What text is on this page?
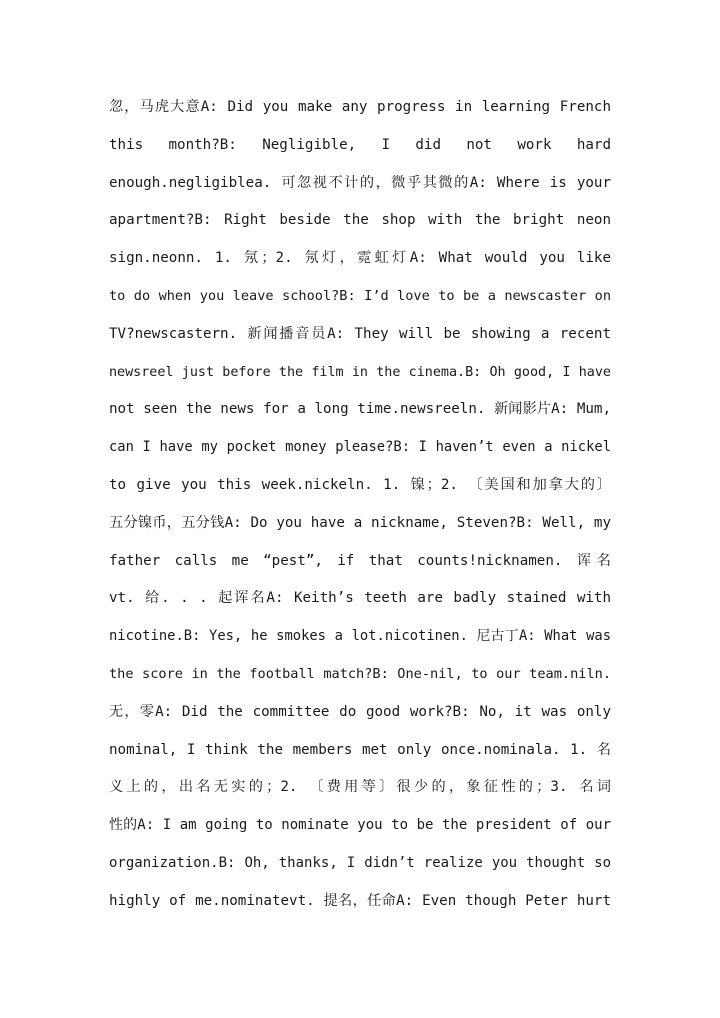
忽，马虎大意A: Did you make any progress in learning French
this month?B: Negligible, I did not work hard
enough.negligiblea. 可忽视不计的，微乎其微的A: Where is your
apartment?B: Right beside the shop with the bright neon
sign.neonn. 1. 氖；2. 氖灯，霓虹灯A: What would you like
to do when you leave school?B: I’d love to be a newscaster on
TV?newscastern. 新闻播音员A: They will be showing a recent
newsreel just before the film in the cinema.B: Oh good, I have
not seen the news for a long time.newsreeln. 新闻影片A: Mum,
can I have my pocket money please?B: I haven’t even a nickel
to give you this week.nickeln. 1. 镍；2. 〔美国和加拿大的〕
五分镍币，五分钱A: Do you have a nickname, Steven?B: Well, my
father calls me “pest”, if that counts!nicknamen. 诨名
vt. 给. . . 起诨名A: Keith’s teeth are badly stained with
nicotine.B: Yes, he smokes a lot.nicotinen. 尼古丁A: What was
the score in the football match?B: One-nil, to our team.niln.
无，零A: Did the committee do good work?B: No, it was only
nominal, I think the members met only once.nominala. 1. 名
义上的，出名无实的；2. 〔费用等〕很少的，象征性的；3. 名词
性的A: I am going to nominate you to be the president of our
organization.B: Oh, thanks, I didn’t realize you thought so
highly of me.nominatevt. 提名，任命A: Even though Peter hurt
